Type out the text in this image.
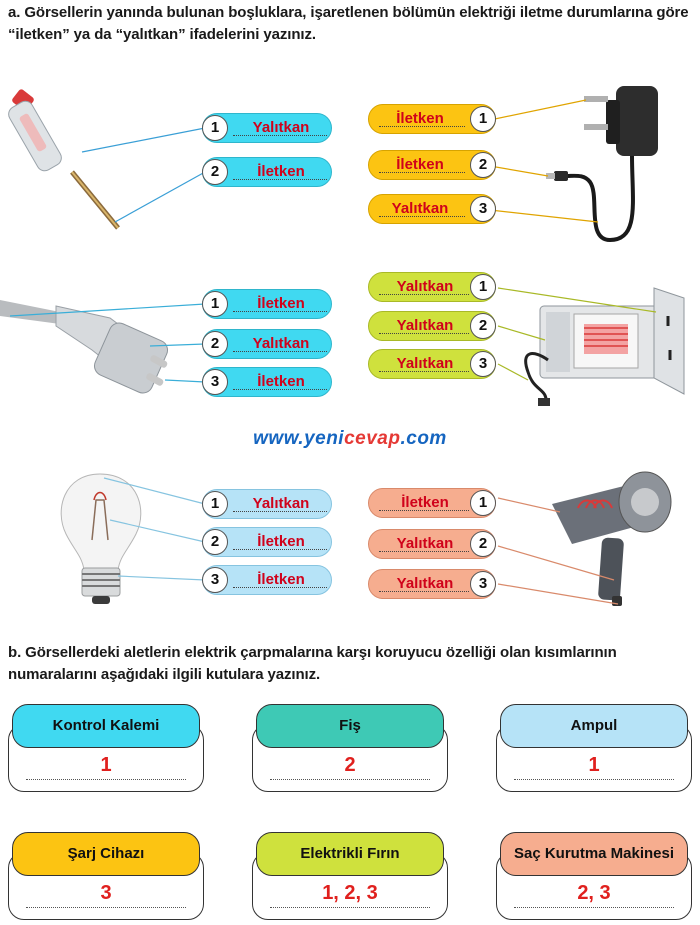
a. Görsellerin yanında bulunan boşluklara, işaretlenen bölümün elektriği iletme durumlarına göre “iletken” ya da “yalıtkan” ifadelerini yazınız.
Yalıtkan
1
İletken
2
İletken	1
İletken	2
Yalıtkan	3
İletken
1
Yalıtkan
2
İletken
3
Yalıtkan	1
Yalıtkan	2
Yalıtkan	3
www.yenicevap.com
Yalıtkan
1
İletken
2
İletken
3
İletken	1
Yalıtkan	2
Yalıtkan	3
b. Görsellerdeki aletlerin elektrik çarpmalarına karşı koruyucu özelliği olan kısımlarının numaralarını aşağıdaki ilgili kutulara yazınız.
Kontrol Kalemi
1
Fiş
2
Ampul
1
Şarj Cihazı
3
Elektrikli Fırın
1, 2, 3
Saç Kurutma Makinesi
2, 3
